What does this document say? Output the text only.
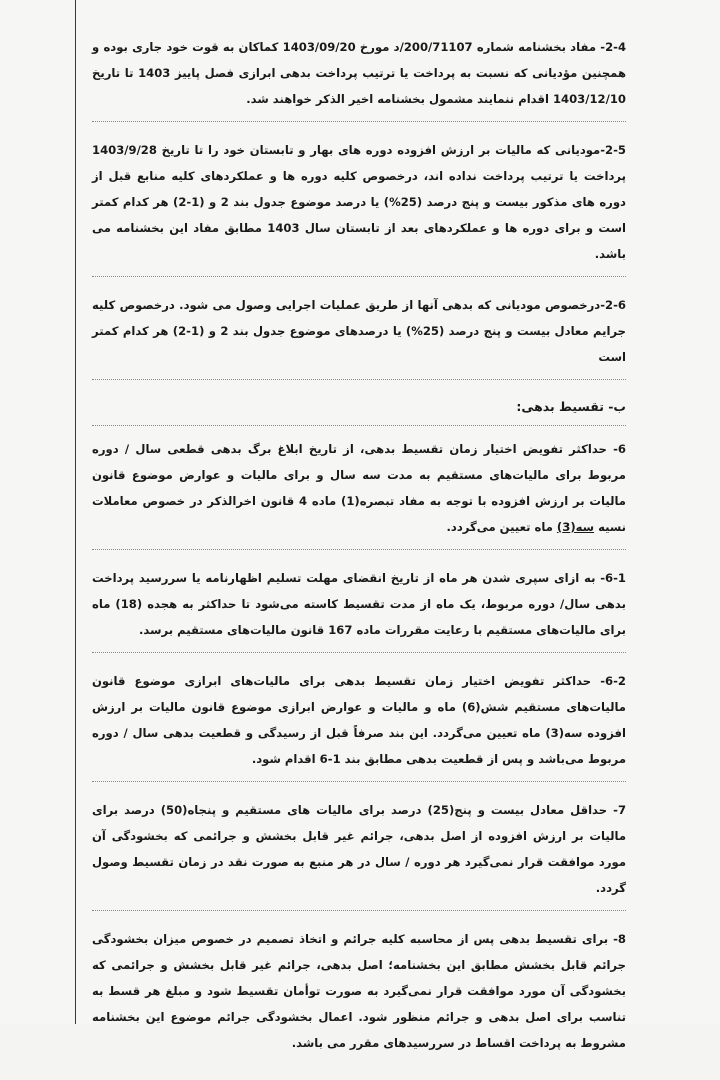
2-4- مفاد بخشنامه شماره 200/71107/د مورخ 1403/09/20 کماکان به قوت خود جاری بوده و همچنین مؤدیانی که نسبت به پرداخت یا ترتیب پرداخت بدهی ابرازی فصل پاییز 1403 تا تاریخ 1403/12/10 اقدام ننمایند مشمول بخشنامه اخیر الذکر خواهند شد.

2-5-مودیانی که مالیات بر ارزش افزوده دوره های بهار و تابستان خود را تا تاریخ 1403/9/28 پرداخت یا ترتیب پرداخت نداده اند، درخصوص کلیه دوره ها و عملکردهای کلیه منابع قبل از دوره های مذکور بیست و پنج درصد (25%) یا درصد موضوع جدول بند 2 و (1-2) هر کدام کمتر است و برای دوره ها و عملکردهای بعد از تابستان سال 1403 مطابق مفاد این بخشنامه می باشد.

2-6-درخصوص مودیانی که بدهی آنها از طریق عملیات اجرایی وصول می شود. درخصوص کلیه جرایم معادل بیست و پنج درصد (25%) یا درصدهای موضوع جدول بند 2 و (1-2) هر کدام کمتر است

ب- تقسیط بدهی:

6- حداکثر تفویض اختیار زمان تقسیط بدهی، از تاریخ ابلاغ برگ بدهی قطعی سال / دوره مربوط برای مالیات‌های مستقیم به مدت سه سال و برای مالیات و عوارض موضوع قانون مالیات بر ارزش افزوده با توجه به مفاد تبصره(1) ماده 4 قانون اخرالذکر در خصوص معاملات نسیه سه(3) ماه تعیین می‌گردد.

6-1- به ازای سپری شدن هر ماه از تاریخ انقضای مهلت تسلیم اظهارنامه یا سررسید پرداخت بدهی سال/ دوره مربوط، یک ماه از مدت تقسیط کاسته می‌شود تا حداکثر به هجده (18) ماه برای مالیات‌های مستقیم با رعایت مقررات ماده 167 قانون مالیات‌های مستقیم برسد.

6-2- حداکثر تفویض اختیار زمان تقسیط بدهی برای مالیات‌های ابرازی موضوع قانون مالیات‌های مستقیم شش(6) ماه و مالیات و عوارض ابرازی موضوع قانون مالیات بر ارزش افزوده سه(3) ماه تعیین می‌گردد. این بند صرفاً قبل از رسیدگی و قطعیت بدهی سال / دوره مربوط می‌باشد و پس از قطعیت بدهی مطابق بند 1-6 اقدام شود.

7- حداقل معادل بیست و پنج(25) درصد برای مالیات های مستقیم و پنجاه(50) درصد برای مالیات بر ارزش افزوده از اصل بدهی، جرائم غیر قابل بخشش و جرائمی که بخشودگی آن مورد موافقت قرار نمی‌گیرد هر دوره / سال در هر منبع به صورت نقد در زمان تقسیط وصول گردد.

8- برای تقسیط بدهی پس از محاسبه کلیه جرائم و اتخاذ تصمیم در خصوص میزان بخشودگی جرائم قابل بخشش مطابق این بخشنامه؛ اصل بدهی، جرائم غیر قابل بخشش و جرائمی که بخشودگی آن مورد موافقت قرار نمی‌گیرد به صورت توأمان تقسیط شود و مبلغ هر قسط به تناسب برای اصل بدهی و جرائم منظور شود. اعمال بخشودگی جرائم موضوع این بخشنامه مشروط به پرداخت اقساط در سررسیدهای مقرر می باشد.
